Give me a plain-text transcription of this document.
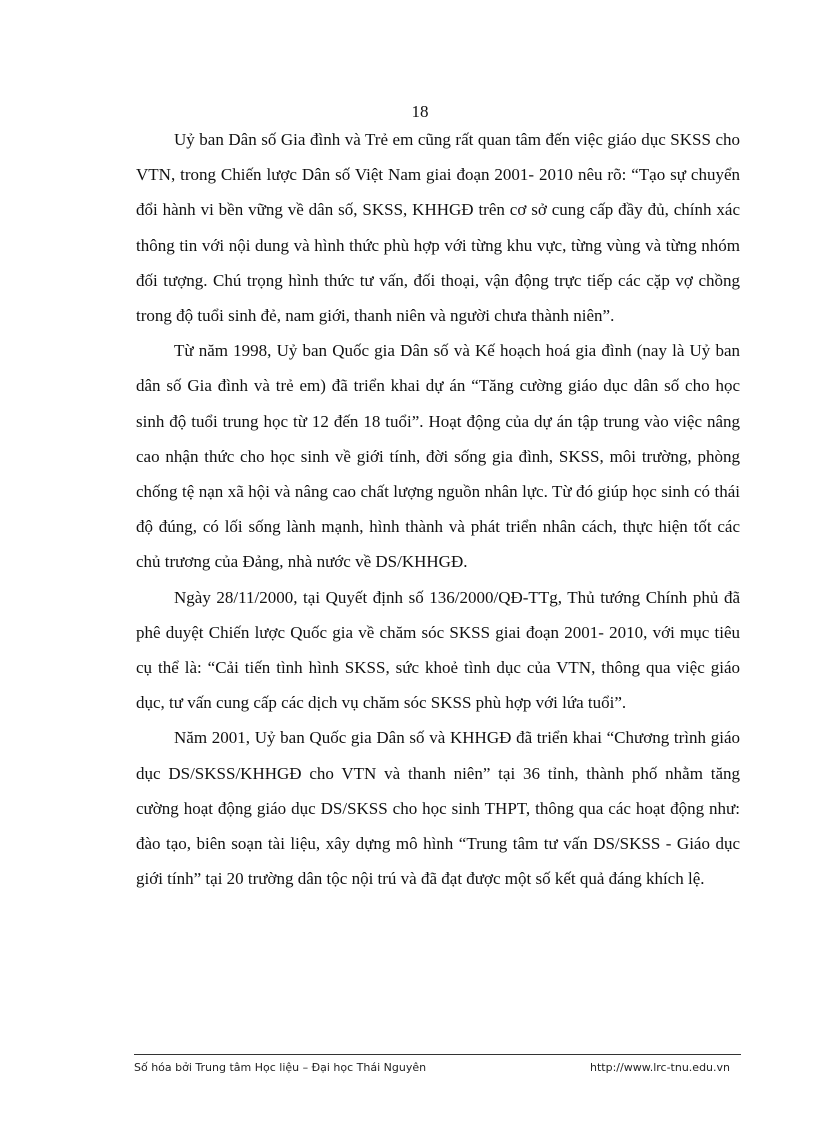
18

Uỷ ban Dân số Gia đình và Trẻ em cũng rất quan tâm đến việc giáo dục SKSS cho VTN, trong Chiến lược Dân số Việt Nam giai đoạn 2001- 2010 nêu rõ: “Tạo sự chuyển đổi hành vi bền vững về dân số, SKSS, KHHGĐ trên cơ sở cung cấp đầy đủ, chính xác thông tin với nội dung và hình thức phù hợp với từng khu vực, từng vùng và từng nhóm đối tượng. Chú trọng hình thức tư vấn, đối thoại, vận động trực tiếp các cặp vợ chồng trong độ tuổi sinh đẻ, nam giới, thanh niên và người chưa thành niên”.

Từ năm 1998, Uỷ ban Quốc gia Dân số và Kế hoạch hoá gia đình (nay là Uỷ ban dân số Gia đình và trẻ em) đã triển khai dự án “Tăng cường giáo dục dân số cho học sinh độ tuổi trung học từ 12 đến 18 tuổi”. Hoạt động của dự án tập trung vào việc nâng cao nhận thức cho học sinh về giới tính, đời sống gia đình, SKSS, môi trường, phòng chống tệ nạn xã hội và nâng cao chất lượng nguồn nhân lực. Từ đó giúp học sinh có thái độ đúng, có lối sống lành mạnh, hình thành và phát triển nhân cách, thực hiện tốt các chủ trương của Đảng, nhà nước về DS/KHHGĐ.

Ngày 28/11/2000, tại Quyết định số 136/2000/QĐ-TTg, Thủ tướng Chính phủ đã phê duyệt Chiến lược Quốc gia về chăm sóc SKSS giai đoạn 2001- 2010, với mục tiêu cụ thể là: “Cải tiến tình hình SKSS, sức khoẻ tình dục của VTN, thông qua việc giáo dục, tư vấn cung cấp các dịch vụ chăm sóc SKSS phù hợp với lứa tuổi”.

Năm 2001, Uỷ ban Quốc gia Dân số và KHHGĐ đã triển khai “Chương trình giáo dục DS/SKSS/KHHGĐ cho VTN và thanh niên” tại 36 tỉnh, thành phố nhằm tăng cường hoạt động giáo dục DS/SKSS cho học sinh THPT, thông qua các hoạt động như: đào tạo, biên soạn tài liệu, xây dựng mô hình “Trung tâm tư vấn DS/SKSS - Giáo dục giới tính” tại 20 trường dân tộc nội trú và đã đạt được một số kết quả đáng khích lệ.

Số hóa bởi Trung tâm Học liệu – Đại học Thái Nguyên	http://www.lrc-tnu.edu.vn
